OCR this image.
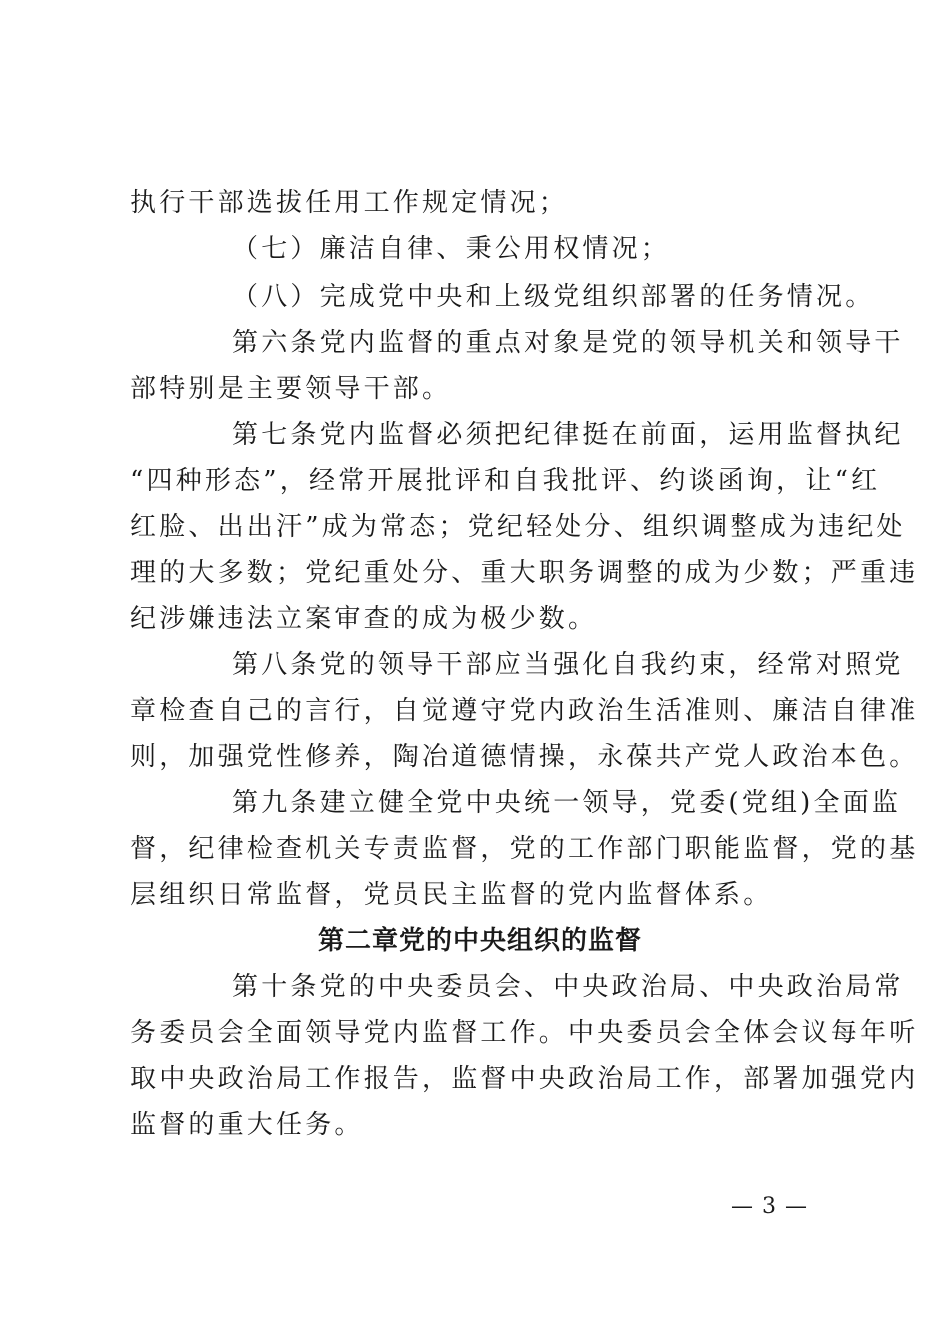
执行干部选拔任用工作规定情况；
（七）廉洁自律、秉公用权情况；
（八）完成党中央和上级党组织部署的任务情况。
第六条党内监督的重点对象是党的领导机关和领导干
部特别是主要领导干部。
第七条党内监督必须把纪律挺在前面，运用监督执纪
“四种形态”，经常开展批评和自我批评、约谈函询，让“红
红脸、出出汗”成为常态；党纪轻处分、组织调整成为违纪处
理的大多数；党纪重处分、重大职务调整的成为少数；严重违
纪涉嫌违法立案审查的成为极少数。
第八条党的领导干部应当强化自我约束，经常对照党
章检查自己的言行，自觉遵守党内政治生活准则、廉洁自律准
则，加强党性修养，陶冶道德情操，永葆共产党人政治本色。
第九条建立健全党中央统一领导，党委(党组)全面监
督，纪律检查机关专责监督，党的工作部门职能监督，党的基
层组织日常监督，党员民主监督的党内监督体系。
第二章党的中央组织的监督
第十条党的中央委员会、中央政治局、中央政治局常
务委员会全面领导党内监督工作。中央委员会全体会议每年听
取中央政治局工作报告，监督中央政治局工作，部署加强党内
监督的重大任务。
— 3 —
